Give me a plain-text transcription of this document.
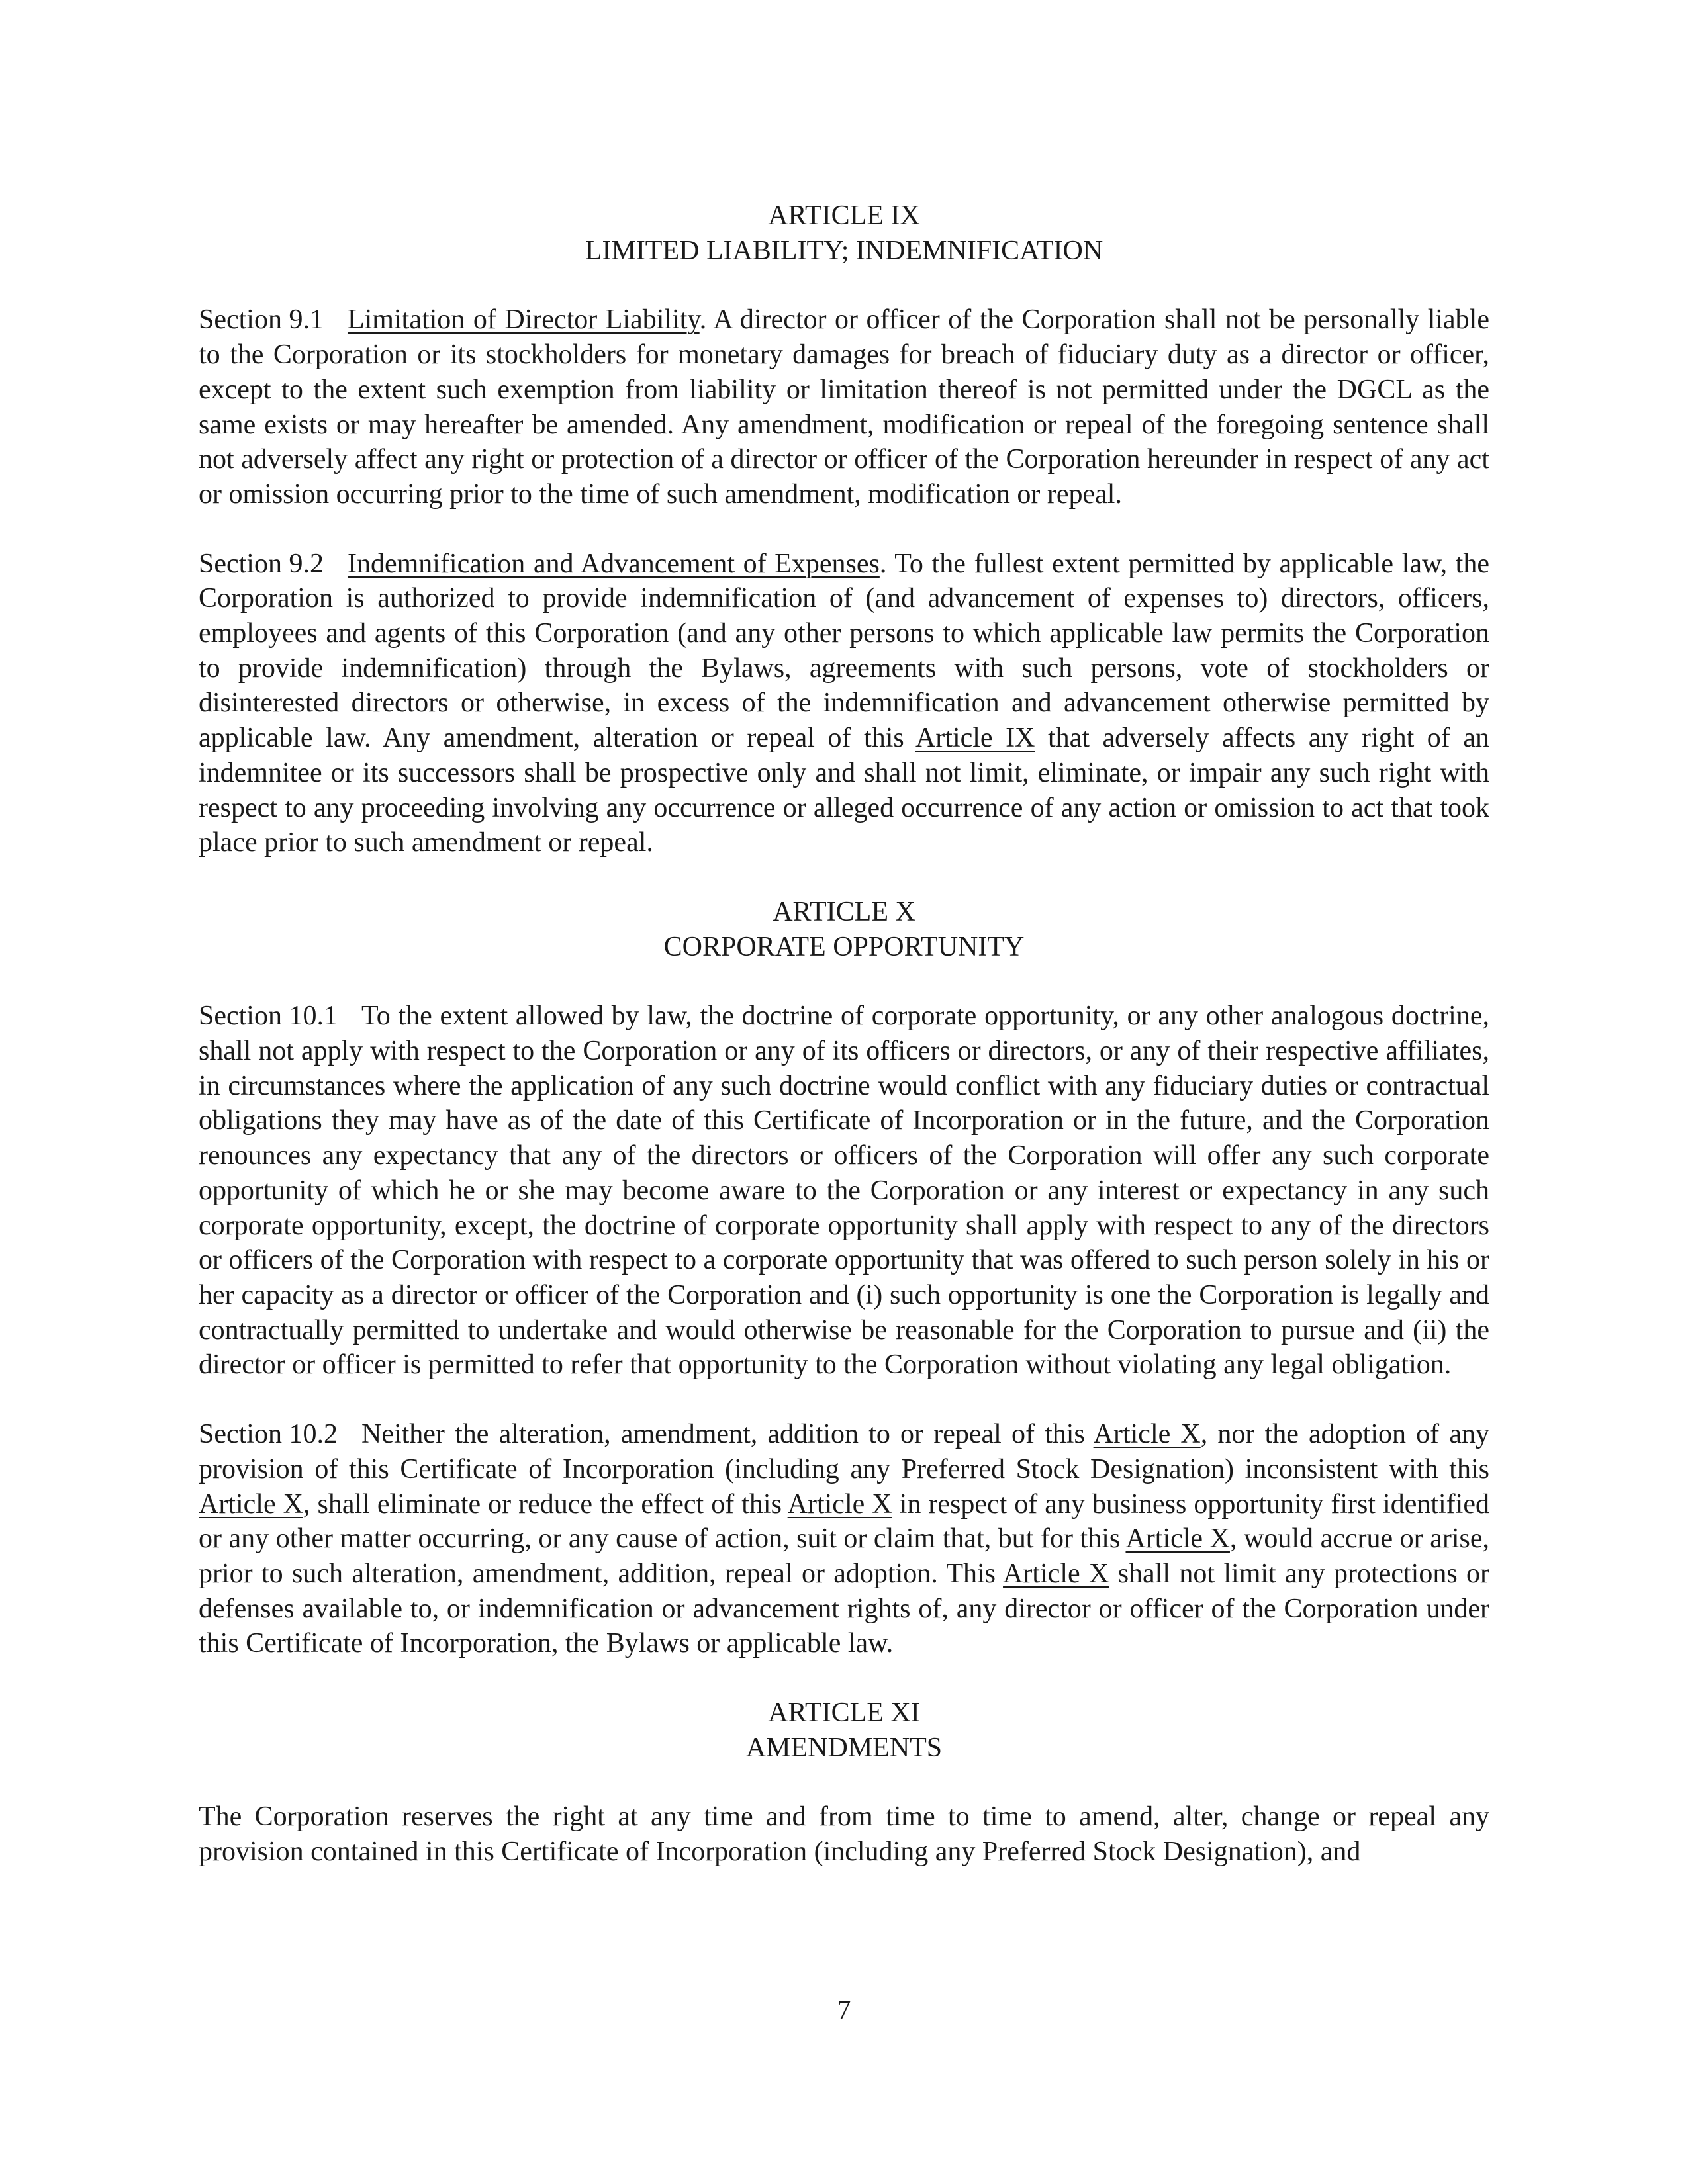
ARTICLE IX
LIMITED LIABILITY; INDEMNIFICATION

Section 9.1 Limitation of Director Liability. A director or officer of the Corporation shall not be personally liable to the Corporation or its stockholders for monetary damages for breach of fiduciary duty as a director or officer, except to the extent such exemption from liability or limitation thereof is not permitted under the DGCL as the same exists or may hereafter be amended. Any amendment, modification or repeal of the foregoing sentence shall not adversely affect any right or protection of a director or officer of the Corporation hereunder in respect of any act or omission occurring prior to the time of such amendment, modification or repeal.

Section 9.2 Indemnification and Advancement of Expenses. To the fullest extent permitted by applicable law, the Corporation is authorized to provide indemnification of (and advancement of expenses to) directors, officers, employees and agents of this Corporation (and any other persons to which applicable law permits the Corporation to provide indemnification) through the Bylaws, agreements with such persons, vote of stockholders or disinterested directors or otherwise, in excess of the indemnification and advancement otherwise permitted by applicable law. Any amendment, alteration or repeal of this Article IX that adversely affects any right of an indemnitee or its successors shall be prospective only and shall not limit, eliminate, or impair any such right with respect to any proceeding involving any occurrence or alleged occurrence of any action or omission to act that took place prior to such amendment or repeal.

ARTICLE X
CORPORATE OPPORTUNITY

Section 10.1 To the extent allowed by law, the doctrine of corporate opportunity, or any other analogous doctrine, shall not apply with respect to the Corporation or any of its officers or directors, or any of their respective affiliates, in circumstances where the application of any such doctrine would conflict with any fiduciary duties or contractual obligations they may have as of the date of this Certificate of Incorporation or in the future, and the Corporation renounces any expectancy that any of the directors or officers of the Corporation will offer any such corporate opportunity of which he or she may become aware to the Corporation or any interest or expectancy in any such corporate opportunity, except, the doctrine of corporate opportunity shall apply with respect to any of the directors or officers of the Corporation with respect to a corporate opportunity that was offered to such person solely in his or her capacity as a director or officer of the Corporation and (i) such opportunity is one the Corporation is legally and contractually permitted to undertake and would otherwise be reasonable for the Corporation to pursue and (ii) the director or officer is permitted to refer that opportunity to the Corporation without violating any legal obligation.

Section 10.2 Neither the alteration, amendment, addition to or repeal of this Article X, nor the adoption of any provision of this Certificate of Incorporation (including any Preferred Stock Designation) inconsistent with this Article X, shall eliminate or reduce the effect of this Article X in respect of any business opportunity first identified or any other matter occurring, or any cause of action, suit or claim that, but for this Article X, would accrue or arise, prior to such alteration, amendment, addition, repeal or adoption. This Article X shall not limit any protections or defenses available to, or indemnification or advancement rights of, any director or officer of the Corporation under this Certificate of Incorporation, the Bylaws or applicable law.

ARTICLE XI
AMENDMENTS

The Corporation reserves the right at any time and from time to time to amend, alter, change or repeal any provision contained in this Certificate of Incorporation (including any Preferred Stock Designation), and

7
